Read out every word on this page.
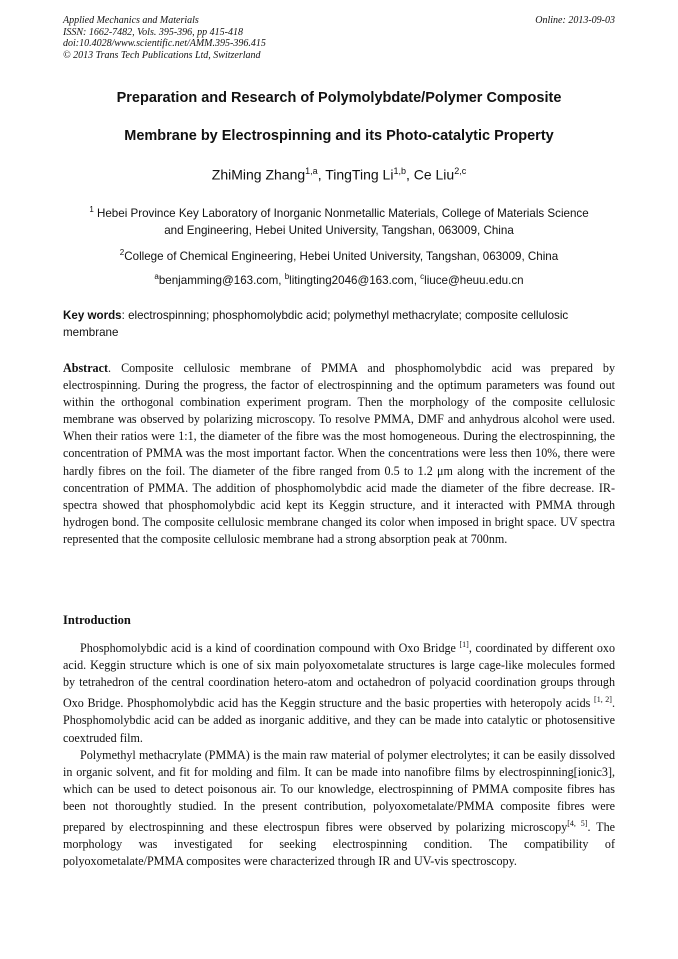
Applied Mechanics and Materials
ISSN: 1662-7482, Vols. 395-396, pp 415-418
doi:10.4028/www.scientific.net/AMM.395-396.415
© 2013 Trans Tech Publications Ltd, Switzerland
Online: 2013-09-03
Preparation and Research of Polymolybdate/Polymer Composite
Membrane by Electrospinning and its Photo-catalytic Property
ZhiMing Zhang$^{1,a}$, TingTing Li$^{1,b}$, Ce Liu$^{2,c}$
$^1$ Hebei Province Key Laboratory of Inorganic Nonmetallic Materials, College of Materials Science
and Engineering, Hebei United University, Tangshan, 063009, China
$^2$College of Chemical Engineering, Hebei United University, Tangshan, 063009, China
$^a$benjamming@163.com, $^b$litingting2046@163.com, $^c$liuce@heuu.edu.cn
Key words: electrospinning; phosphomolybdic acid; polymethyl methacrylate; composite cellulosic membrane
Abstract. Composite cellulosic membrane of PMMA and phosphomolybdic acid was prepared by electrospinning. During the progress, the factor of electrospinning and the optimum parameters was found out within the orthogonal combination experiment program. Then the morphology of the composite cellulosic membrane was observed by polarizing microscopy. To resolve PMMA, DMF and anhydrous alcohol were used. When their ratios were 1:1, the diameter of the fibre was the most homogeneous. During the electrospinning, the concentration of PMMA was the most important factor. When the concentrations were less then 10%, there were hardly fibres on the foil. The diameter of the fibre ranged from 0.5 to 1.2 μm along with the increment of the concentration of PMMA. The addition of phosphomolybdic acid made the diameter of the fibre decrease. IR-spectra showed that phosphomolybdic acid kept its Keggin structure, and it interacted with PMMA through hydrogen bond. The composite cellulosic membrane changed its color when imposed in bright space. UV spectra represented that the composite cellulosic membrane had a strong absorption peak at 700nm.
Introduction

Phosphomolybdic acid is a kind of coordination compound with Oxo Bridge [1], coordinated by different oxo acid. Keggin structure which is one of six main polyoxometalate structures is large cage-like molecules formed by tetrahedron of the central coordination hetero-atom and octahedron of polyacid coordination groups through Oxo Bridge. Phosphomolybdic acid has the Keggin structure and the basic properties with heteropoly acids [1, 2]. Phosphomolybdic acid can be added as inorganic additive, and they can be made into catalytic or photosensitive coextruded film.

Polymethyl methacrylate (PMMA) is the main raw material of polymer electrolytes; it can be easily dissolved in organic solvent, and fit for molding and film. It can be made into nanofibre films by electrospinning[ionic3], which can be used to detect poisonous air. To our knowledge, electrospinning of PMMA composite fibres has been not thoroughtly studied. In the present contribution, polyoxometalate/PMMA composite fibres were prepared by electrospinning and these electrospun fibres were observed by polarizing microscopy[4, 5]. The morphology was investigated for seeking electrospinning condition. The compatibility of polyoxometalate/PMMA composites were characterized through IR and UV-vis spectroscopy.
